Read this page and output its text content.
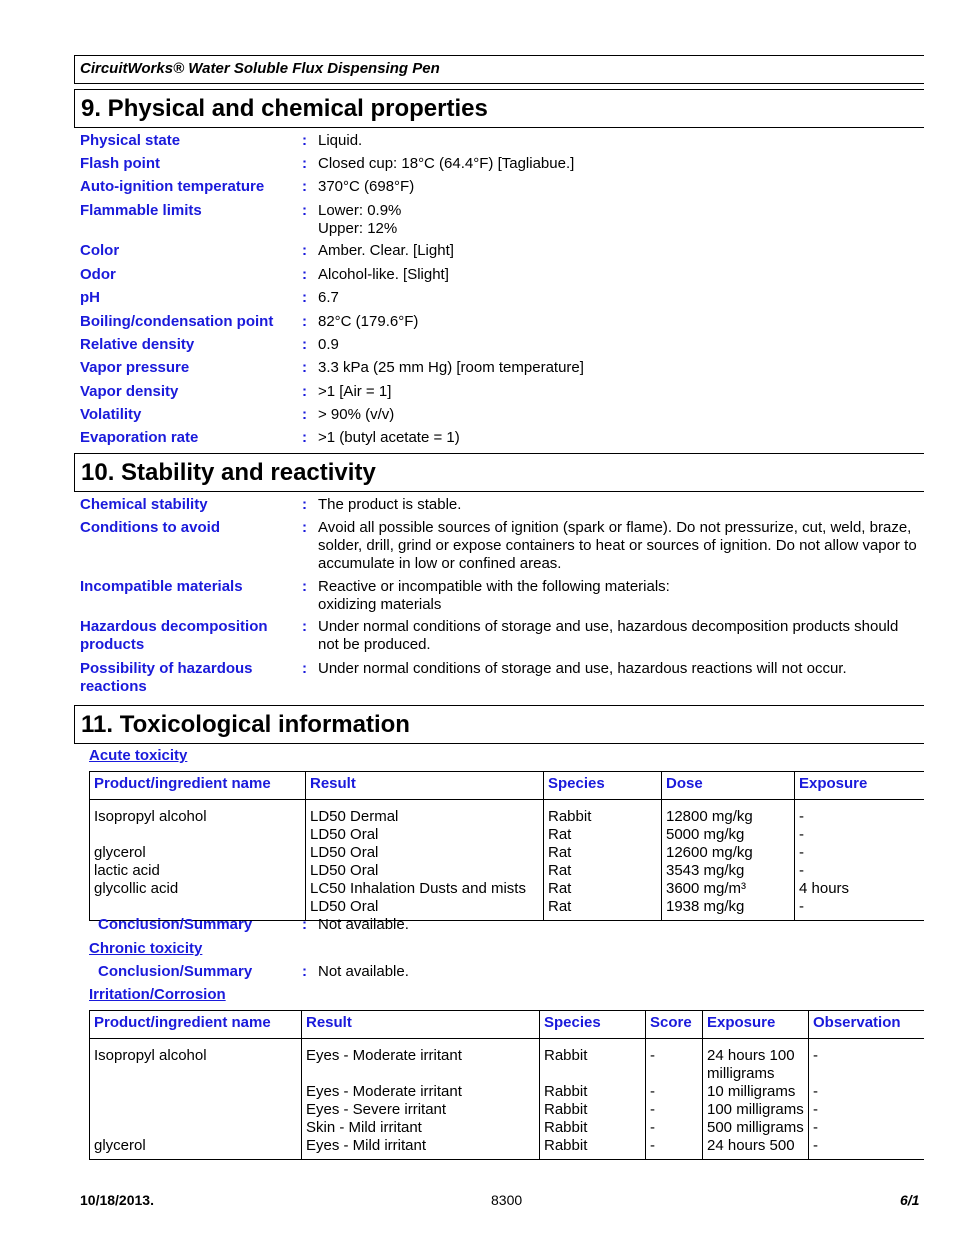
CircuitWorks® Water Soluble Flux Dispensing Pen
9. Physical and chemical properties
Physical state	: Liquid.
Flash point	: Closed cup: 18°C (64.4°F) [Tagliabue.]
Auto-ignition temperature	: 370°C (698°F)
Flammable limits	: Lower: 0.9%
Upper: 12%
Color	: Amber. Clear. [Light]
Odor	: Alcohol-like. [Slight]
pH	: 6.7
Boiling/condensation point	: 82°C (179.6°F)
Relative density	: 0.9
Vapor pressure	: 3.3 kPa (25 mm Hg) [room temperature]
Vapor density	: >1 [Air = 1]
Volatility	: > 90% (v/v)
Evaporation rate	: >1 (butyl acetate = 1)
10. Stability and reactivity
Chemical stability	: The product is stable.
Conditions to avoid	: Avoid all possible sources of ignition (spark or flame). Do not pressurize, cut, weld, braze, solder, drill, grind or expose containers to heat or sources of ignition. Do not allow vapor to accumulate in low or confined areas.
Incompatible materials	: Reactive or incompatible with the following materials:
oxidizing materials
Hazardous decomposition products
: Under normal conditions of storage and use, hazardous decomposition products should not be produced.
Possibility of hazardous reactions
: Under normal conditions of storage and use, hazardous reactions will not occur.
11. Toxicological information
Acute toxicity
Product/ingredient name	Result	Species	Dose	Exposure
Isopropyl alcohol	LD50 Dermal	Rabbit	12800 mg/kg	-
	LD50 Oral	Rat	5000 mg/kg	-
glycerol	LD50 Oral	Rat	12600 mg/kg	-
lactic acid	LD50 Oral	Rat	3543 mg/kg	-
glycollic acid	LC50 Inhalation Dusts and mists	Rat	3600 mg/m³	4 hours
	LD50 Oral	Rat	1938 mg/kg	-
Conclusion/Summary	: Not available.
Chronic toxicity
Conclusion/Summary	: Not available.
Irritation/Corrosion
Product/ingredient name	Result	Species	Score	Exposure	Observation
Isopropyl alcohol	Eyes - Moderate irritant	Rabbit	-	24 hours 100 milligrams	-
	Eyes - Moderate irritant	Rabbit	-	10 milligrams	-
	Eyes - Severe irritant	Rabbit	-	100 milligrams	-
	Skin - Mild irritant	Rabbit	-	500 milligrams	-
glycerol	Eyes - Mild irritant	Rabbit	-	24 hours 500	-
10/18/2013.	8300	6/1
